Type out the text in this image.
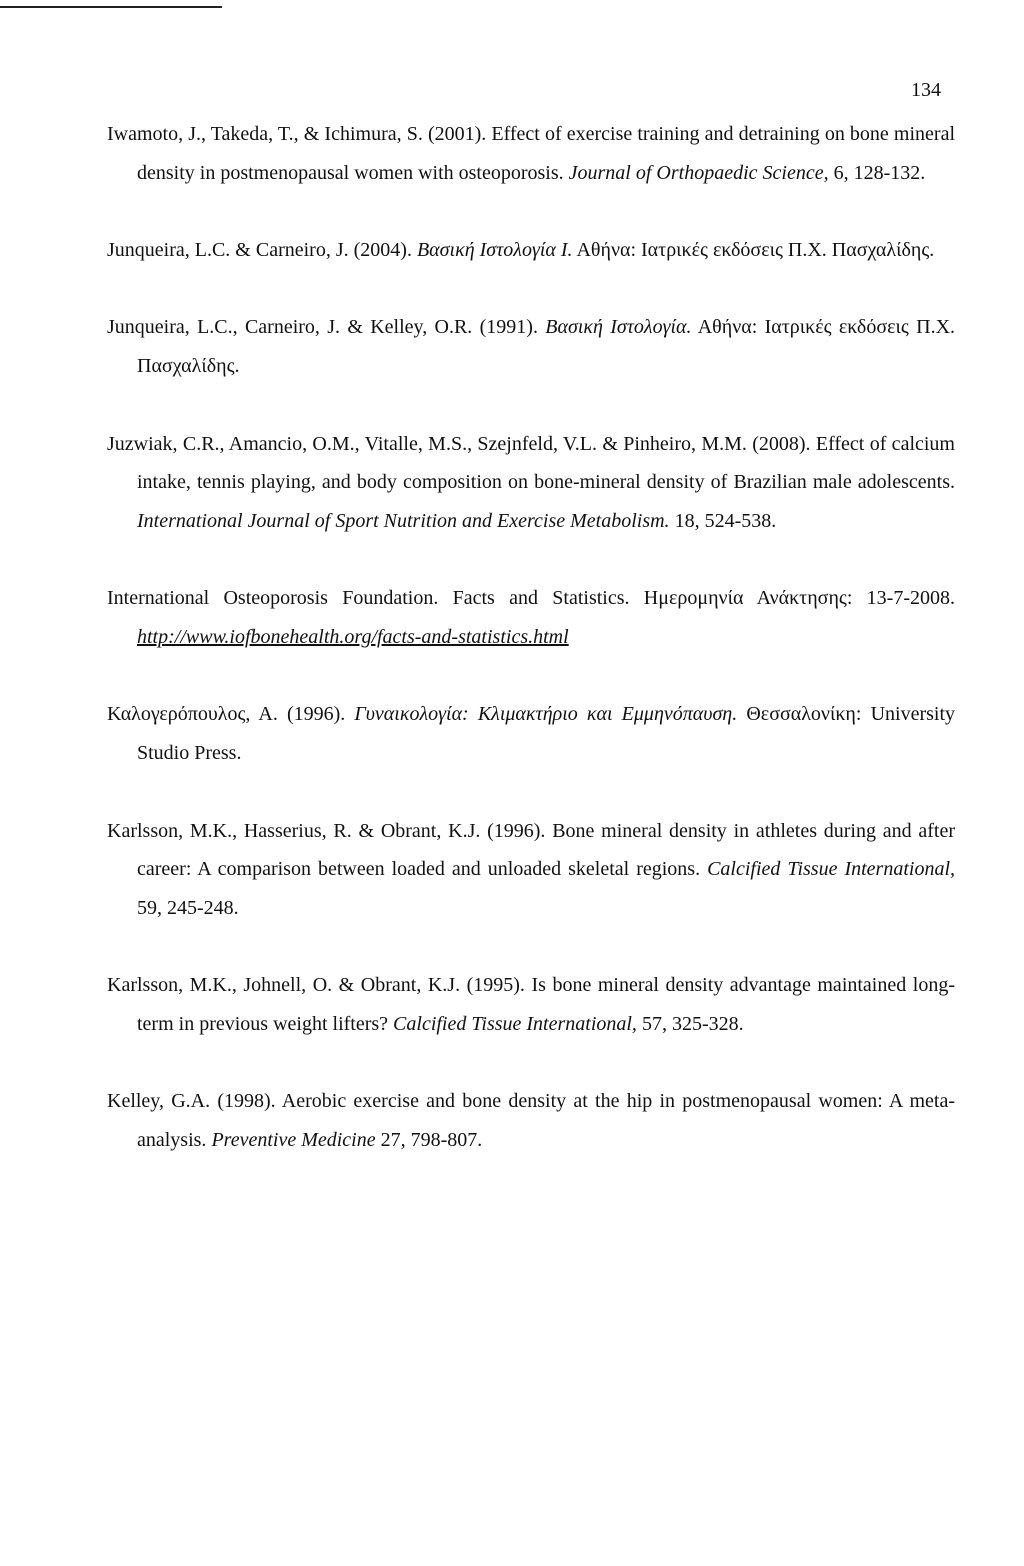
134

Iwamoto, J., Takeda, T., & Ichimura, S. (2001). Effect of exercise training and detraining on bone mineral density in postmenopausal women with osteoporosis. Journal of Orthopaedic Science, 6, 128-132.

Junqueira, L.C. & Carneiro, J. (2004). Βασική Ιστολογία Ι. Αθήνα: Ιατρικές εκδόσεις Π.Χ. Πασχαλίδης.

Junqueira, L.C., Carneiro, J. & Kelley, O.R. (1991). Βασική Ιστολογία. Αθήνα: Ιατρικές εκδόσεις Π.Χ. Πασχαλίδης.

Juzwiak, C.R., Amancio, O.M., Vitalle, M.S., Szejnfeld, V.L. & Pinheiro, M.M. (2008). Effect of calcium intake, tennis playing, and body composition on bone-mineral density of Brazilian male adolescents. International Journal of Sport Nutrition and Exercise Metabolism. 18, 524-538.

International Osteoporosis Foundation. Facts and Statistics. Ημερομηνία Ανάκτησης: 13-7-2008. http://www.iofbonehealth.org/facts-and-statistics.html

Καλογερόπουλος, Α. (1996). Γυναικολογία: Κλιμακτήριο και Εμμηνόπαυση. Θεσσαλονίκη: University Studio Press.

Karlsson, M.K., Hasserius, R. & Obrant, K.J. (1996). Bone mineral density in athletes during and after career: A comparison between loaded and unloaded skeletal regions. Calcified Tissue International, 59, 245-248.

Karlsson, M.K., Johnell, O. & Obrant, K.J. (1995). Is bone mineral density advantage maintained long-term in previous weight lifters? Calcified Tissue International, 57, 325-328.

Kelley, G.A. (1998). Aerobic exercise and bone density at the hip in postmenopausal women: A meta-analysis. Preventive Medicine 27, 798-807.
